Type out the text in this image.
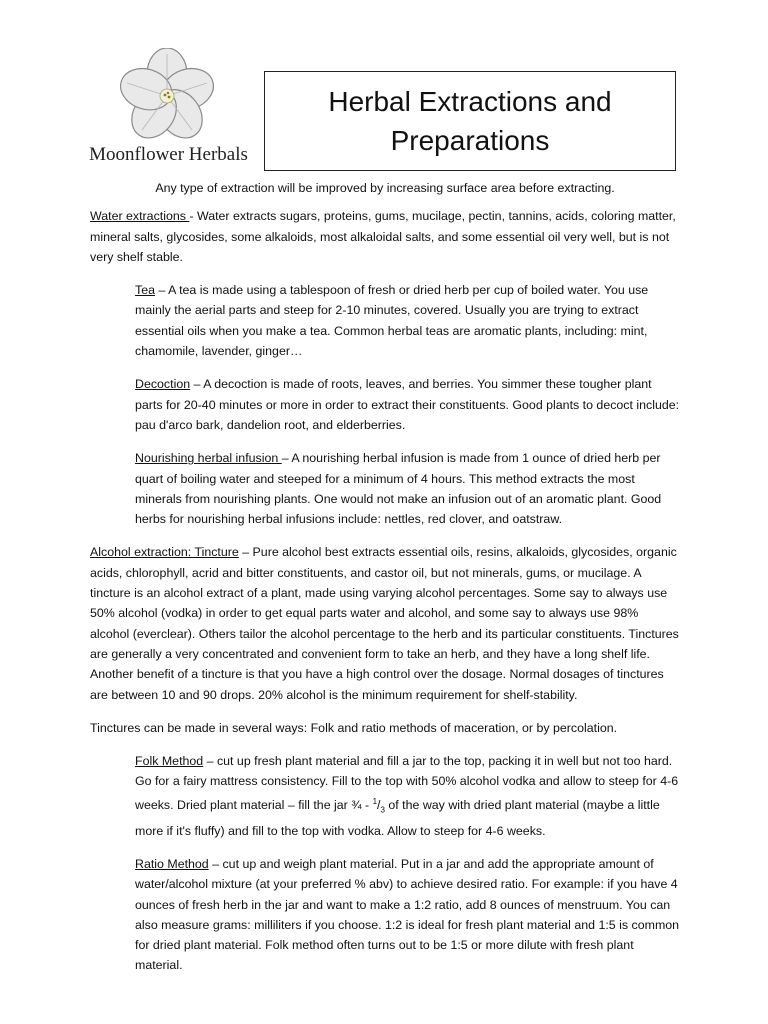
Moonflower Herbals
Herbal Extractions and
Preparations

Any type of extraction will be improved by increasing surface area before extracting.

Water extractions - Water extracts sugars, proteins, gums, mucilage, pectin, tannins, acids, coloring matter, mineral salts, glycosides, some alkaloids, most alkaloidal salts, and some essential oil very well, but is not very shelf stable.

Tea – A tea is made using a tablespoon of fresh or dried herb per cup of boiled water. You use mainly the aerial parts and steep for 2-10 minutes, covered. Usually you are trying to extract essential oils when you make a tea. Common herbal teas are aromatic plants, including: mint, chamomile, lavender, ginger…

Decoction – A decoction is made of roots, leaves, and berries. You simmer these tougher plant parts for 20-40 minutes or more in order to extract their constituents. Good plants to decoct include: pau d'arco bark, dandelion root, and elderberries.

Nourishing herbal infusion – A nourishing herbal infusion is made from 1 ounce of dried herb per quart of boiling water and steeped for a minimum of 4 hours. This method extracts the most minerals from nourishing plants. One would not make an infusion out of an aromatic plant. Good herbs for nourishing herbal infusions include: nettles, red clover, and oatstraw.

Alcohol extraction: Tincture – Pure alcohol best extracts essential oils, resins, alkaloids, glycosides, organic acids, chlorophyll, acrid and bitter constituents, and castor oil, but not minerals, gums, or mucilage. A tincture is an alcohol extract of a plant, made using varying alcohol percentages. Some say to always use 50% alcohol (vodka) in order to get equal parts water and alcohol, and some say to always use 98% alcohol (everclear). Others tailor the alcohol percentage to the herb and its particular constituents. Tinctures are generally a very concentrated and convenient form to take an herb, and they have a long shelf life. Another benefit of a tincture is that you have a high control over the dosage. Normal dosages of tinctures are between 10 and 90 drops. 20% alcohol is the minimum requirement for shelf-stability.

Tinctures can be made in several ways: Folk and ratio methods of maceration, or by percolation.

Folk Method – cut up fresh plant material and fill a jar to the top, packing it in well but not too hard. Go for a fairy mattress consistency. Fill to the top with 50% alcohol vodka and allow to steep for 4-6 weeks. Dried plant material – fill the jar ¾ - $^1/_3$ of the way with dried plant material (maybe a little more if it's fluffy) and fill to the top with vodka. Allow to steep for 4-6 weeks.

Ratio Method – cut up and weigh plant material. Put in a jar and add the appropriate amount of water/alcohol mixture (at your preferred % abv) to achieve desired ratio. For example: if you have 4 ounces of fresh herb in the jar and want to make a 1:2 ratio, add 8 ounces of menstruum. You can also measure grams: milliliters if you choose. 1:2 is ideal for fresh plant material and 1:5 is common for dried plant material. Folk method often turns out to be 1:5 or more dilute with fresh plant material.
